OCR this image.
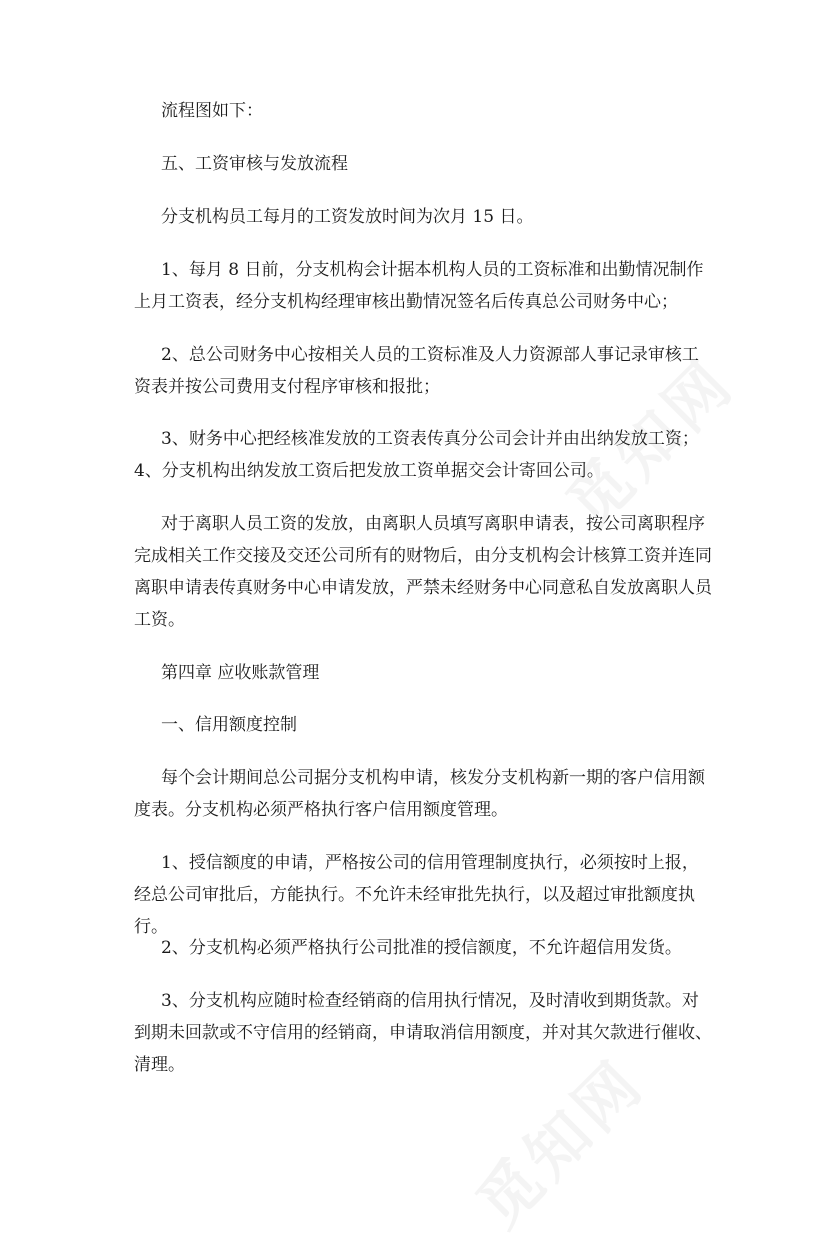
觅知网
觅知网

流程图如下：

五、工资审核与发放流程

分支机构员工每月的工资发放时间为次月 15 日。

1、每月 8 日前，分支机构会计据本机构人员的工资标准和出勤情况制作上月工资表，经分支机构经理审核出勤情况签名后传真总公司财务中心；

2、总公司财务中心按相关人员的工资标准及人力资源部人事记录审核工资表并按公司费用支付程序审核和报批；

3、财务中心把经核准发放的工资表传真分公司会计并由出纳发放工资；

4、分支机构出纳发放工资后把发放工资单据交会计寄回公司。

对于离职人员工资的发放，由离职人员填写离职申请表，按公司离职程序完成相关工作交接及交还公司所有的财物后，由分支机构会计核算工资并连同离职申请表传真财务中心申请发放，严禁未经财务中心同意私自发放离职人员工资。

第四章 应收账款管理

一、信用额度控制

每个会计期间总公司据分支机构申请，核发分支机构新一期的客户信用额度表。分支机构必须严格执行客户信用额度管理。

1、授信额度的申请，严格按公司的信用管理制度执行，必须按时上报，经总公司审批后，方能执行。不允许未经审批先执行，以及超过审批额度执行。

2、分支机构必须严格执行公司批准的授信额度，不允许超信用发货。

3、分支机构应随时检查经销商的信用执行情况，及时清收到期货款。对到期未回款或不守信用的经销商，申请取消信用额度，并对其欠款进行催收、清理。
